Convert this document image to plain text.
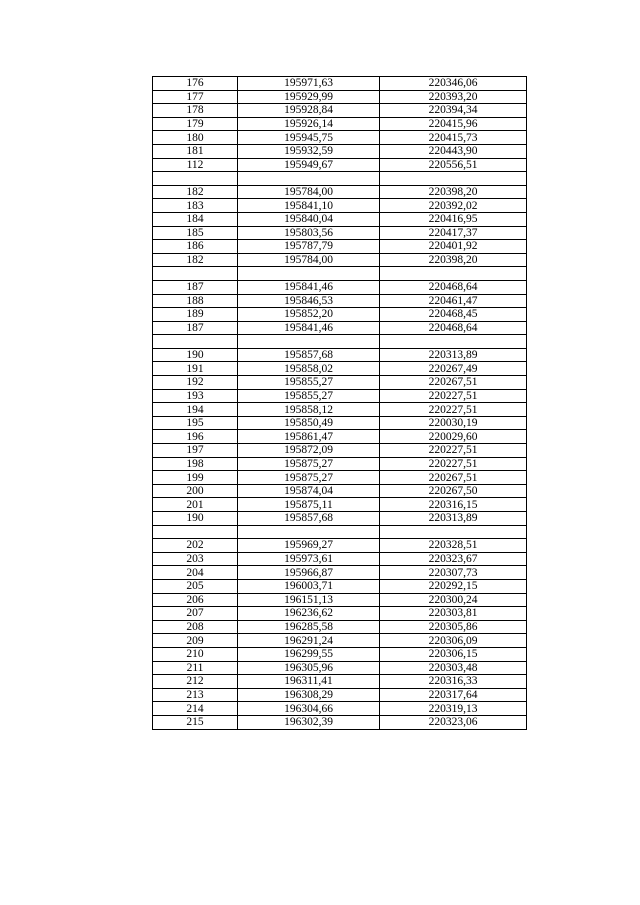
176	195971,63	220346,06
177	195929,99	220393,20
178	195928,84	220394,34
179	195926,14	220415,96
180	195945,75	220415,73
181	195932,59	220443,90
112	195949,67	220556,51

182	195784,00	220398,20
183	195841,10	220392,02
184	195840,04	220416,95
185	195803,56	220417,37
186	195787,79	220401,92
182	195784,00	220398,20

187	195841,46	220468,64
188	195846,53	220461,47
189	195852,20	220468,45
187	195841,46	220468,64

190	195857,68	220313,89
191	195858,02	220267,49
192	195855,27	220267,51
193	195855,27	220227,51
194	195858,12	220227,51
195	195850,49	220030,19
196	195861,47	220029,60
197	195872,09	220227,51
198	195875,27	220227,51
199	195875,27	220267,51
200	195874,04	220267,50
201	195875,11	220316,15
190	195857,68	220313,89

202	195969,27	220328,51
203	195973,61	220323,67
204	195966,87	220307,73
205	196003,71	220292,15
206	196151,13	220300,24
207	196236,62	220303,81
208	196285,58	220305,86
209	196291,24	220306,09
210	196299,55	220306,15
211	196305,96	220303,48
212	196311,41	220316,33
213	196308,29	220317,64
214	196304,66	220319,13
215	196302,39	220323,06
